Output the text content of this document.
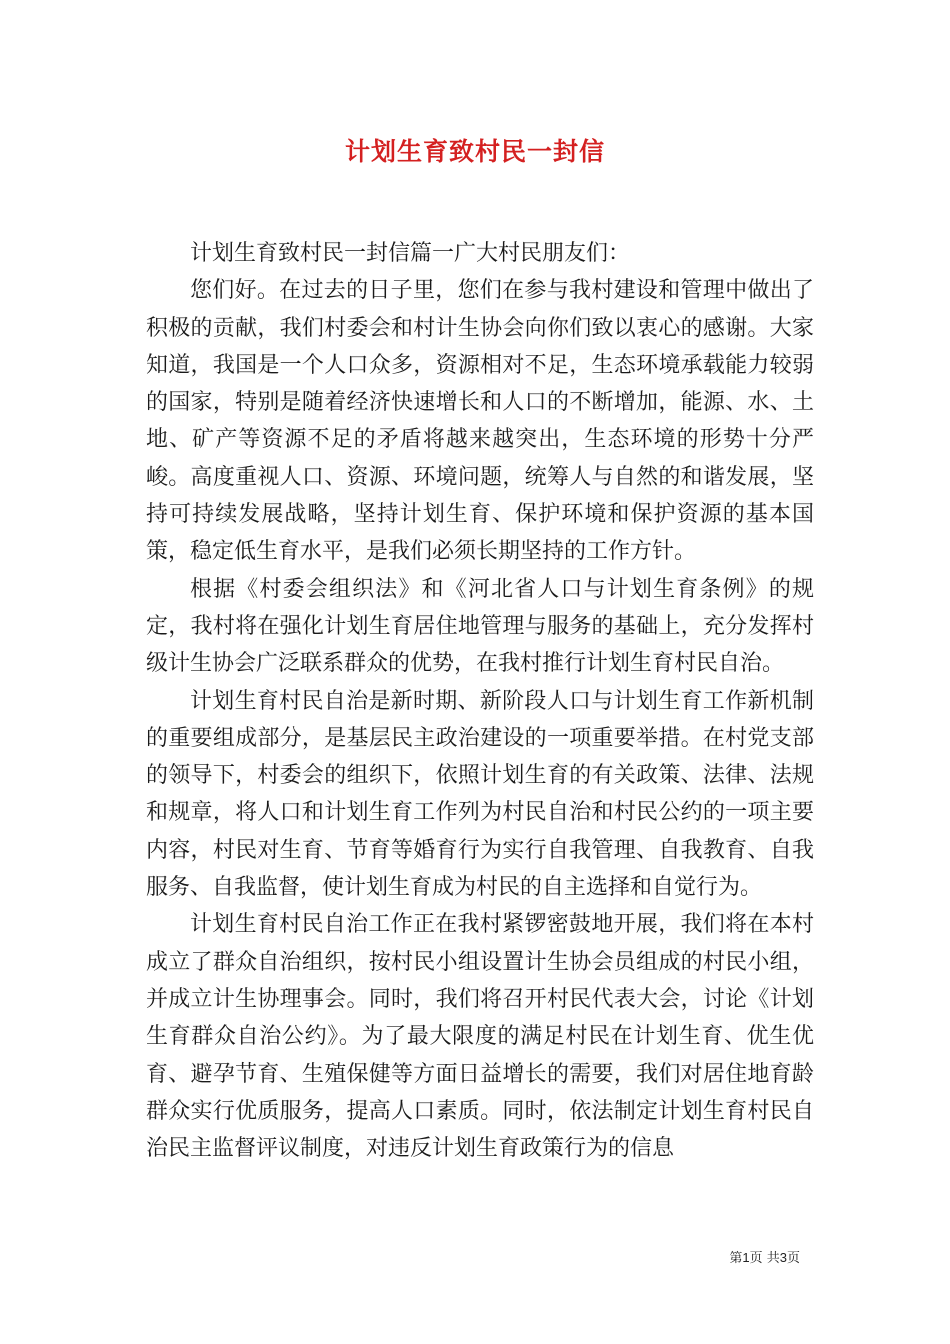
计划生育致村民一封信

计划生育致村民一封信篇一广大村民朋友们：

您们好。在过去的日子里，您们在参与我村建设和管理中做出了积极的贡献，我们村委会和村计生协会向你们致以衷心的感谢。大家知道，我国是一个人口众多，资源相对不足，生态环境承载能力较弱的国家，特别是随着经济快速增长和人口的不断增加，能源、水、土地、矿产等资源不足的矛盾将越来越突出，生态环境的形势十分严峻。高度重视人口、资源、环境问题，统筹人与自然的和谐发展，坚持可持续发展战略，坚持计划生育、保护环境和保护资源的基本国策，稳定低生育水平，是我们必须长期坚持的工作方针。

根据《村委会组织法》和《河北省人口与计划生育条例》的规定，我村将在强化计划生育居住地管理与服务的基础上，充分发挥村级计生协会广泛联系群众的优势，在我村推行计划生育村民自治。

计划生育村民自治是新时期、新阶段人口与计划生育工作新机制的重要组成部分，是基层民主政治建设的一项重要举措。在村党支部的领导下，村委会的组织下，依照计划生育的有关政策、法律、法规和规章，将人口和计划生育工作列为村民自治和村民公约的一项主要内容，村民对生育、节育等婚育行为实行自我管理、自我教育、自我服务、自我监督，使计划生育成为村民的自主选择和自觉行为。

计划生育村民自治工作正在我村紧锣密鼓地开展，我们将在本村成立了群众自治组织，按村民小组设置计生协会员组成的村民小组，并成立计生协理事会。同时，我们将召开村民代表大会，讨论《计划生育群众自治公约》。为了最大限度的满足村民在计划生育、优生优育、避孕节育、生殖保健等方面日益增长的需要，我们对居住地育龄群众实行优质服务，提高人口素质。同时，依法制定计划生育村民自治民主监督评议制度，对违反计划生育政策行为的信息

第1页 共3页
